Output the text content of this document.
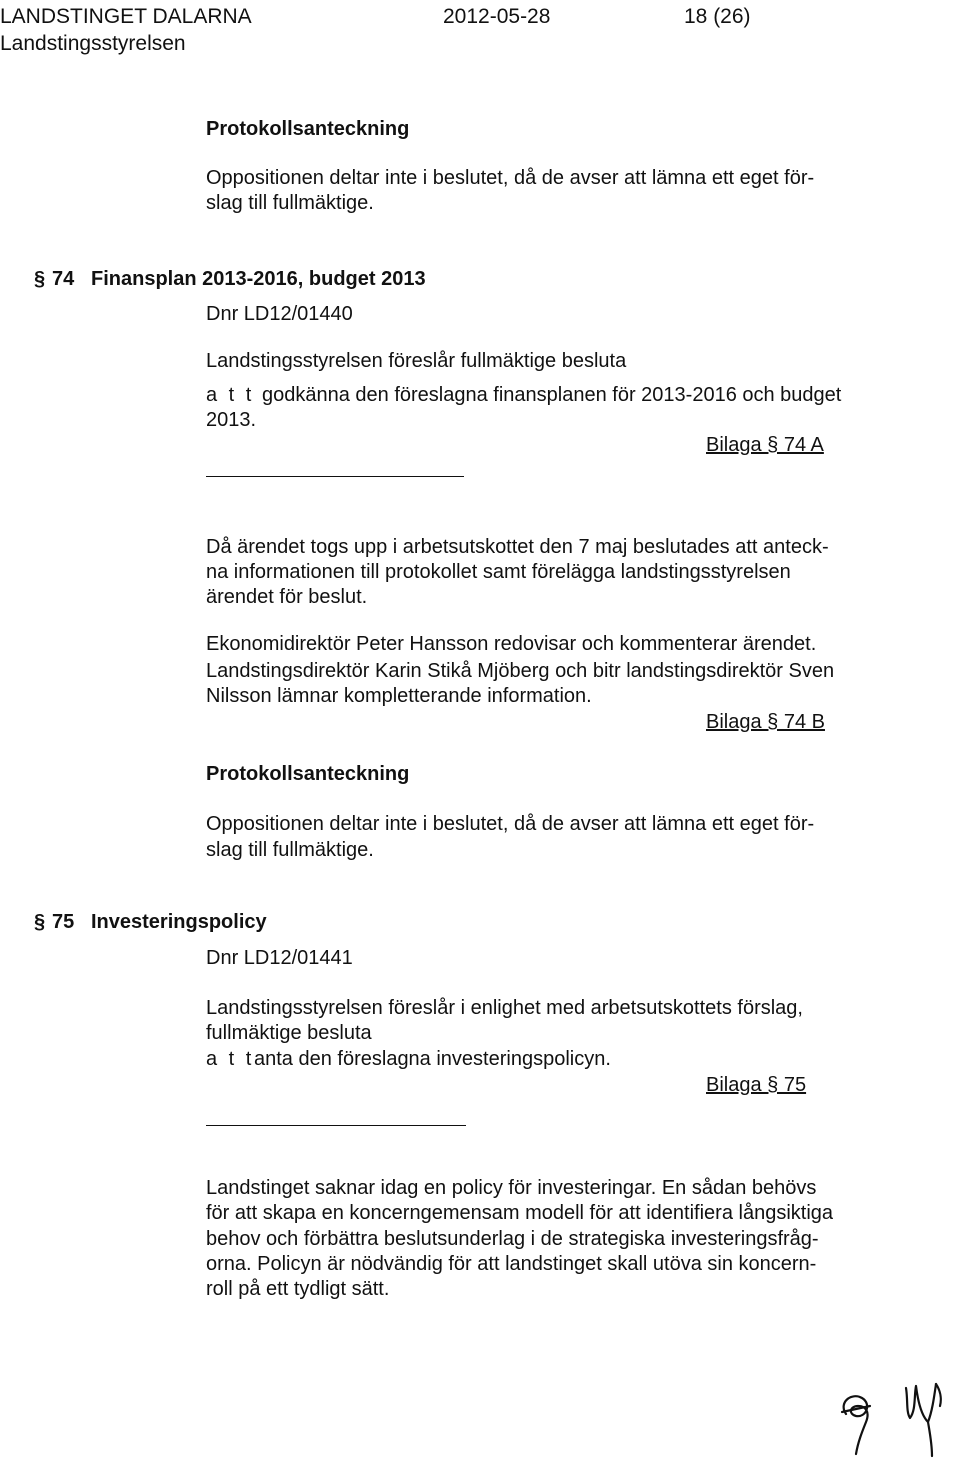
LANDSTINGET DALARNA	2012-05-28	18 (26)
Landstingsstyrelsen
Protokollsanteckning
Oppositionen deltar inte i beslutet, då de avser att lämna ett eget för-
slag till fullmäktige.
§ 74 Finansplan 2013-2016, budget 2013
Dnr LD12/01440
Landstingsstyrelsen föreslår fullmäktige besluta
a t t godkänna den föreslagna finansplanen för 2013-2016 och budget
2013.
Bilaga § 74 A
Då ärendet togs upp i arbetsutskottet den 7 maj beslutades att anteck-
na informationen till protokollet samt förelägga landstingsstyrelsen
ärendet för beslut.
Ekonomidirektör Peter Hansson redovisar och kommenterar ärendet.
Landstingsdirektör Karin Stikå Mjöberg och bitr landstingsdirektör Sven
Nilsson lämnar kompletterande information.
Bilaga § 74 B
Protokollsanteckning
Oppositionen deltar inte i beslutet, då de avser att lämna ett eget för-
slag till fullmäktige.
§ 75 Investeringspolicy
Dnr LD12/01441
Landstingsstyrelsen föreslår i enlighet med arbetsutskottets förslag,
fullmäktige besluta
a t t anta den föreslagna investeringspolicyn.
Bilaga § 75
Landstinget saknar idag en policy för investeringar. En sådan behövs
för att skapa en koncerngemensam modell för att identifiera långsiktiga
behov och förbättra beslutsunderlag i de strategiska investeringsfråg-
orna. Policyn är nödvändig för att landstinget skall utöva sin koncern-
roll på ett tydligt sätt.
